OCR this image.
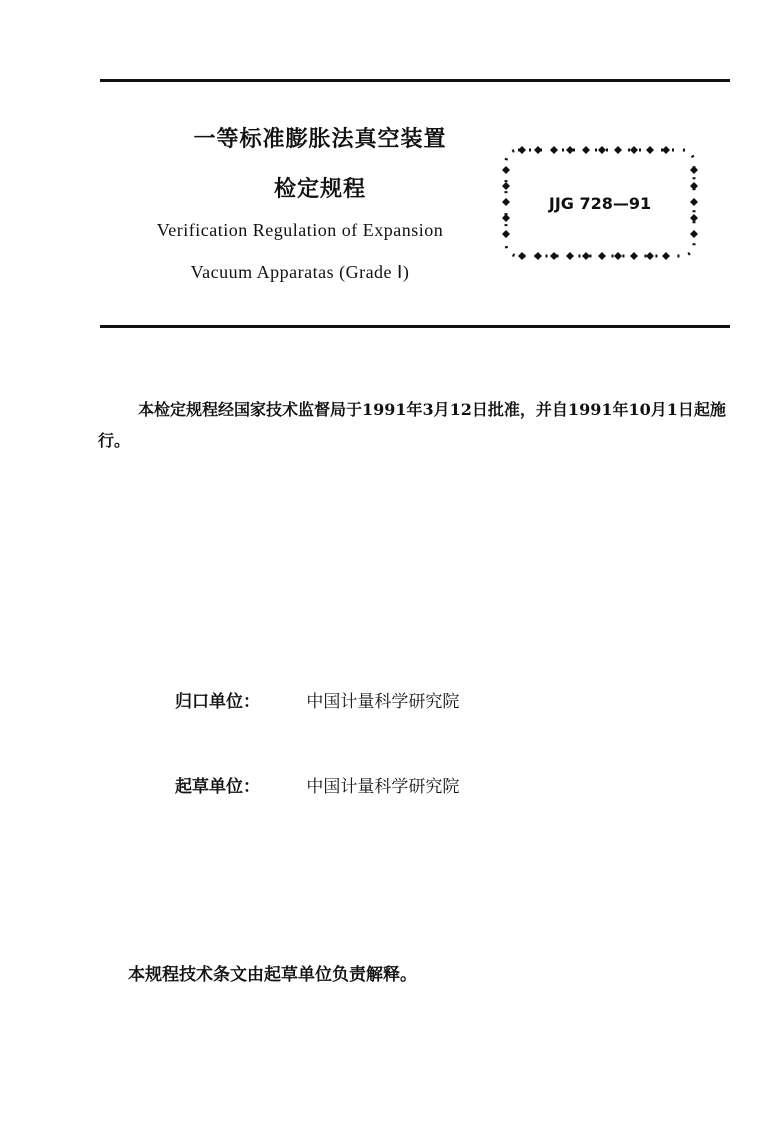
一等标准膨胀法真空装置
检定规程
Verification Regulation of Expansion
Vacuum Apparatas (Grade Ⅰ)
JJG 728—91
本检定规程经国家技术监督局于1991年3月12日批准，并自1991年10月1日起施行。
归口单位：	中国计量科学研究院
起草单位：	中国计量科学研究院
本规程技术条文由起草单位负责解释。
